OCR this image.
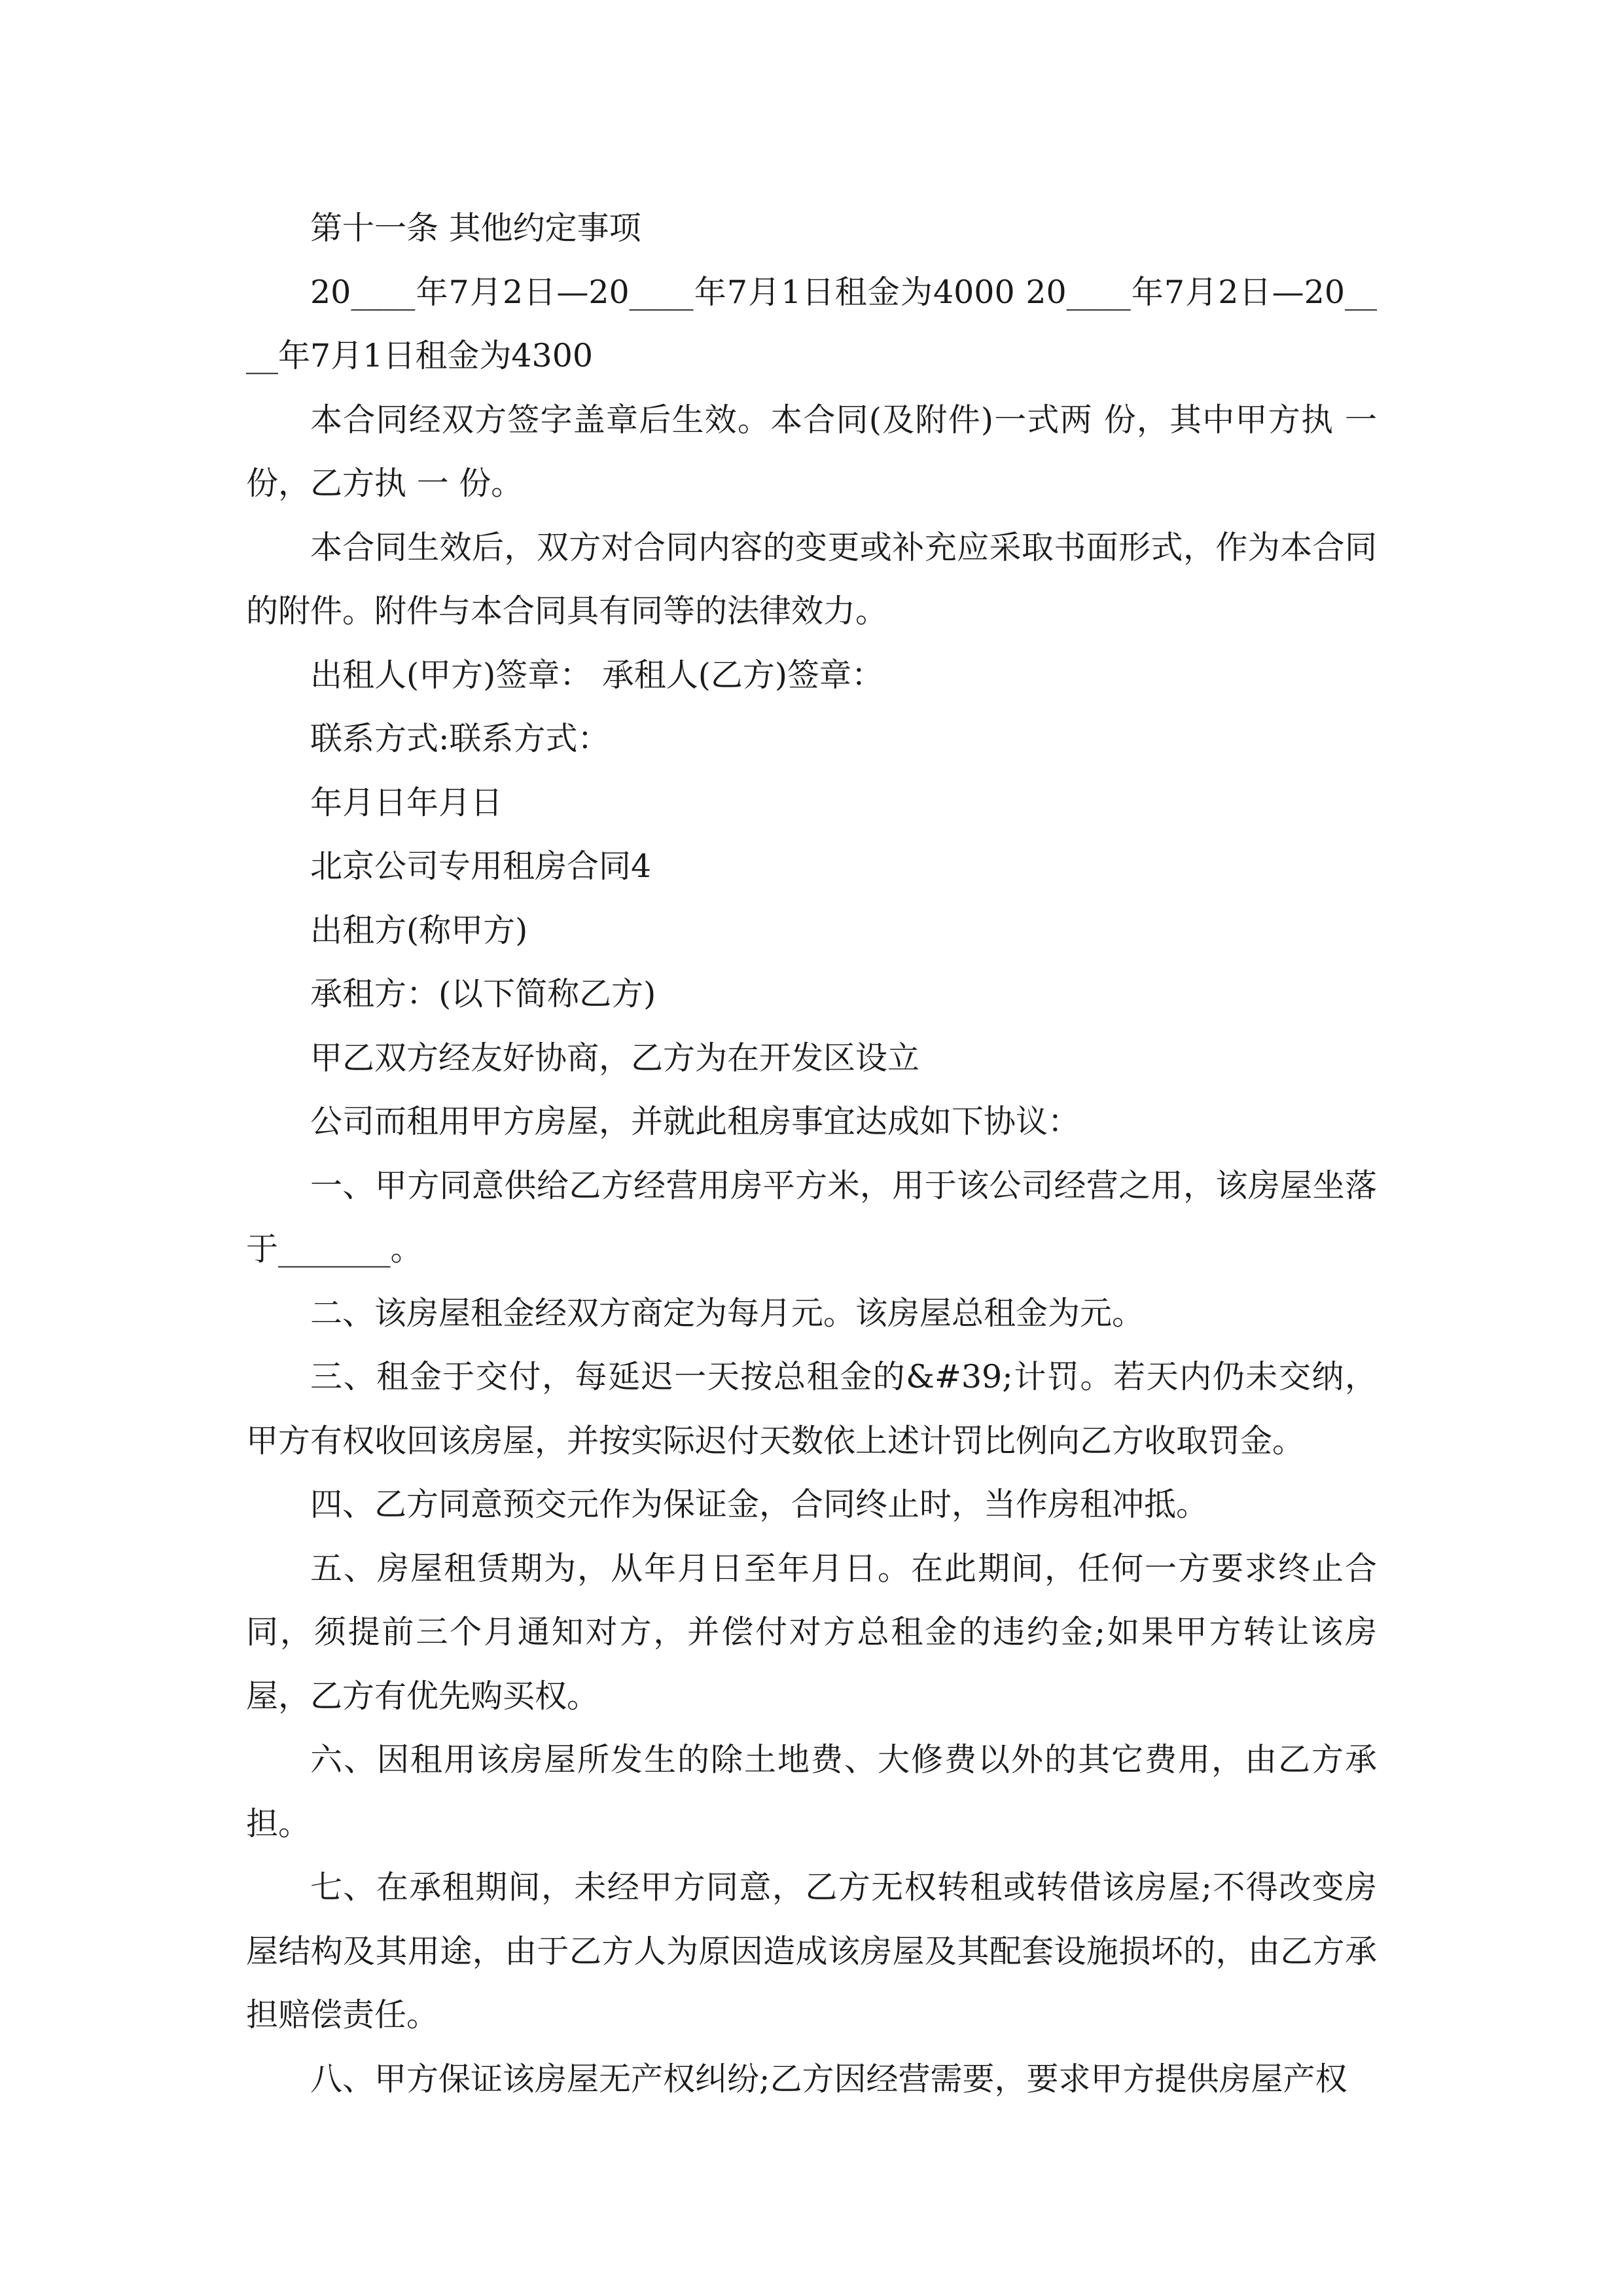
第十一条 其他约定事项

20____年7月2日—20____年7月1日租金为4000 20____年7月2日—20____年7月1日租金为4300

本合同经双方签字盖章后生效。本合同(及附件)一式两 份，其中甲方执 一 份，乙方执 一 份。

本合同生效后，双方对合同内容的变更或补充应采取书面形式，作为本合同的附件。附件与本合同具有同等的法律效力。

出租人(甲方)签章： 承租人(乙方)签章：

联系方式:联系方式：

年月日年月日

北京公司专用租房合同4

出租方(称甲方)

承租方：(以下简称乙方)

甲乙双方经友好协商，乙方为在开发区设立

公司而租用甲方房屋，并就此租房事宜达成如下协议：

一、甲方同意供给乙方经营用房平方米，用于该公司经营之用，该房屋坐落于_______。

二、该房屋租金经双方商定为每月元。该房屋总租金为元。

三、租金于交付，每延迟一天按总租金的&#39;计罚。若天内仍未交纳，甲方有权收回该房屋，并按实际迟付天数依上述计罚比例向乙方收取罚金。

四、乙方同意预交元作为保证金，合同终止时，当作房租冲抵。

五、房屋租赁期为，从年月日至年月日。在此期间，任何一方要求终止合同，须提前三个月通知对方，并偿付对方总租金的违约金;如果甲方转让该房屋，乙方有优先购买权。

六、因租用该房屋所发生的除土地费、大修费以外的其它费用，由乙方承担。

七、在承租期间，未经甲方同意，乙方无权转租或转借该房屋;不得改变房屋结构及其用途，由于乙方人为原因造成该房屋及其配套设施损坏的，由乙方承担赔偿责任。

八、甲方保证该房屋无产权纠纷;乙方因经营需要，要求甲方提供房屋产权
